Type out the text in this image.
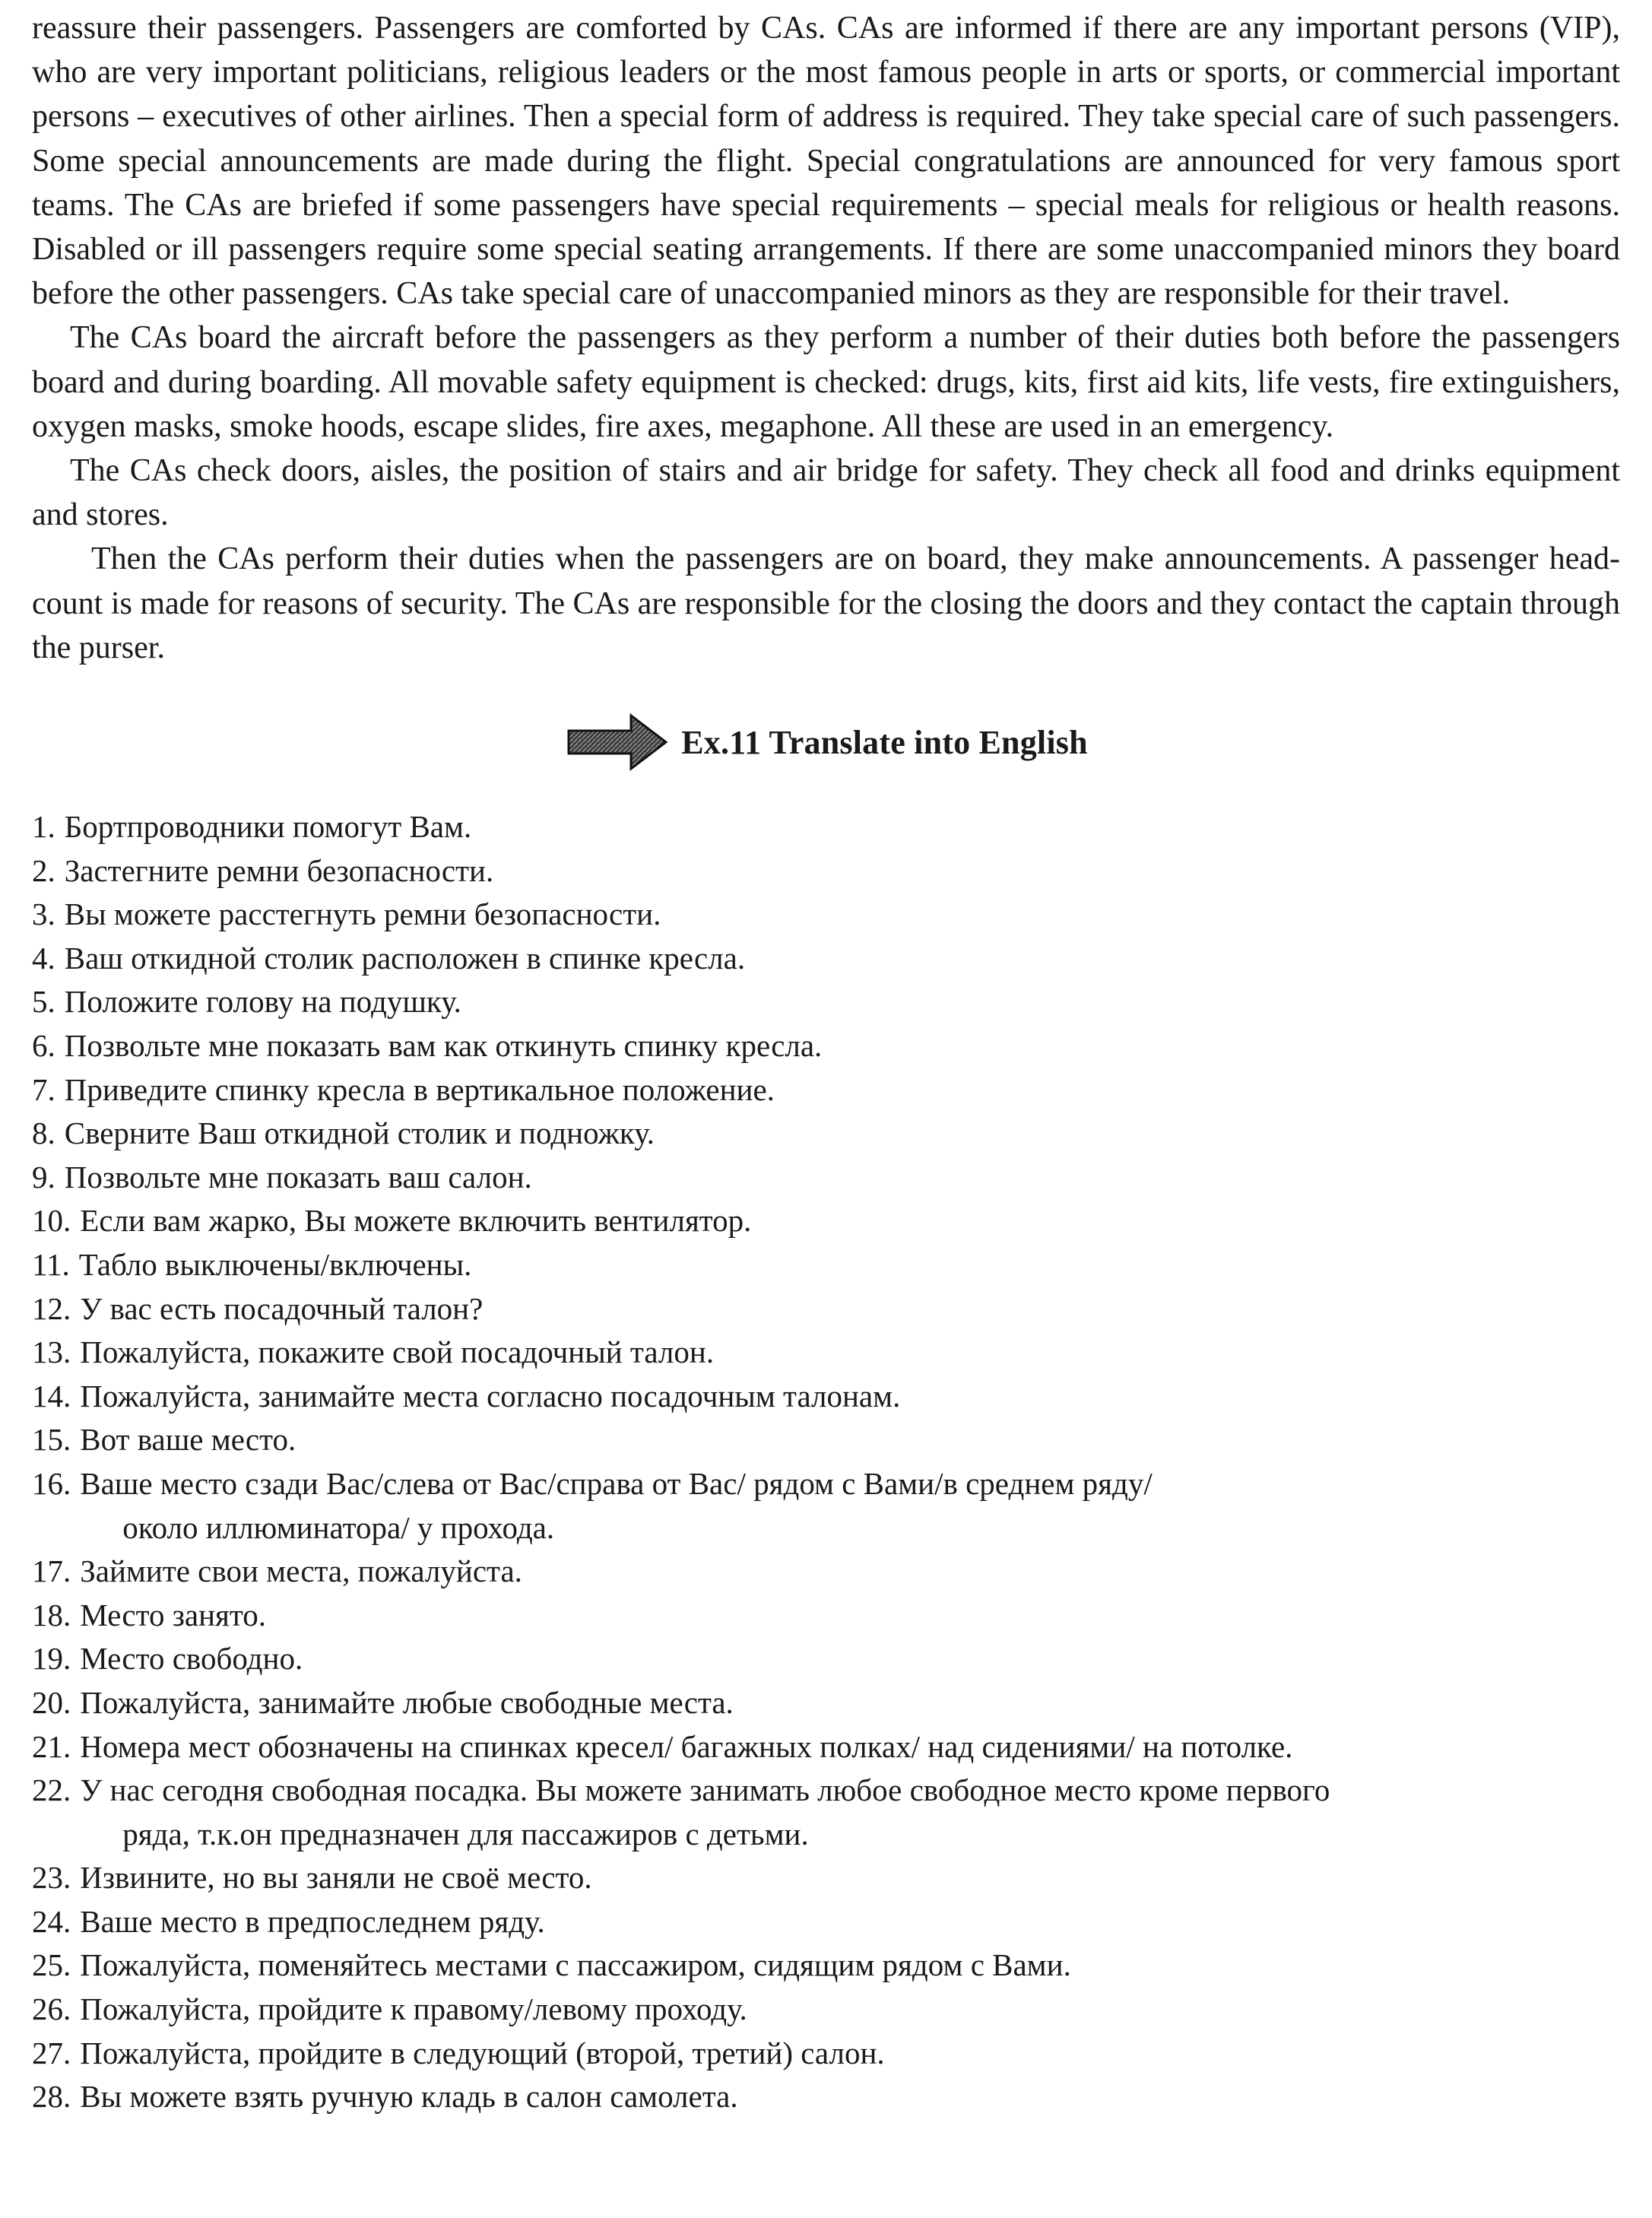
reassure their passengers. Passengers are comforted by CAs. CAs are informed if there are any important persons (VIP), who are very important politicians, religious leaders or the most famous people in arts or sports, or commercial important persons – executives of other airlines. Then a special form of address is required. They take special care of such passengers. Some special announcements are made during the flight. Special congratulations are announced for very famous sport teams. The CAs are briefed if some passengers have special requirements – special meals for religious or health reasons. Disabled or ill passengers require some special seating arrangements. If there are some unaccompanied minors they board before the other passengers. CAs take special care of unaccompanied minors as they are responsible for their travel.

The CAs board the aircraft before the passengers as they perform a number of their duties both before the passengers board and during boarding. All movable safety equipment is checked: drugs, kits, first aid kits, life vests, fire extinguishers, oxygen masks, smoke hoods, escape slides, fire axes, megaphone. All these are used in an emergency.

The CAs check doors, aisles, the position of stairs and air bridge for safety. They check all food and drinks equipment and stores.

Then the CAs perform their duties when the passengers are on board, they make announcements. A passenger head-count is made for reasons of security. The CAs are responsible for the closing the doors and they contact the captain through the purser.

Ex.11 Translate into English
1. Бортпроводники помогут Вам.
2. Застегните ремни безопасности.
3. Вы можете расстегнуть ремни безопасности.
4. Ваш откидной столик расположен в спинке кресла.
5. Положите голову на подушку.
6. Позвольте мне показать вам как откинуть спинку кресла.
7. Приведите спинку кресла в вертикальное положение.
8. Сверните Ваш откидной столик и подножку.
9. Позвольте мне показать ваш салон.
10. Если вам жарко, Вы можете включить вентилятор.
11. Табло выключены/включены.
12. У вас есть посадочный талон?
13. Пожалуйста, покажите свой посадочный талон.
14. Пожалуйста, занимайте места согласно посадочным талонам.
15. Вот ваше место.
16. Ваше место сзади Вас/слева от Вас/справа от Вас/ рядом с Вами/в среднем ряду/
около иллюминатора/ у прохода.
17. Займите свои места, пожалуйста.
18. Место занято.
19. Место свободно.
20. Пожалуйста, занимайте любые свободные места.
21. Номера мест обозначены на спинках кресел/ багажных полках/ над сидениями/ на потолке.
22. У нас сегодня свободная посадка. Вы можете занимать любое свободное место кроме первого
ряда, т.к.он предназначен для пассажиров с детьми.
23. Извините, но вы заняли не своё место.
24. Ваше место в предпоследнем ряду.
25. Пожалуйста, поменяйтесь местами с пассажиром, сидящим рядом с Вами.
26. Пожалуйста, пройдите к правому/левому проходу.
27. Пожалуйста, пройдите в следующий (второй, третий) салон.
28. Вы можете взять ручную кладь в салон самолета.
